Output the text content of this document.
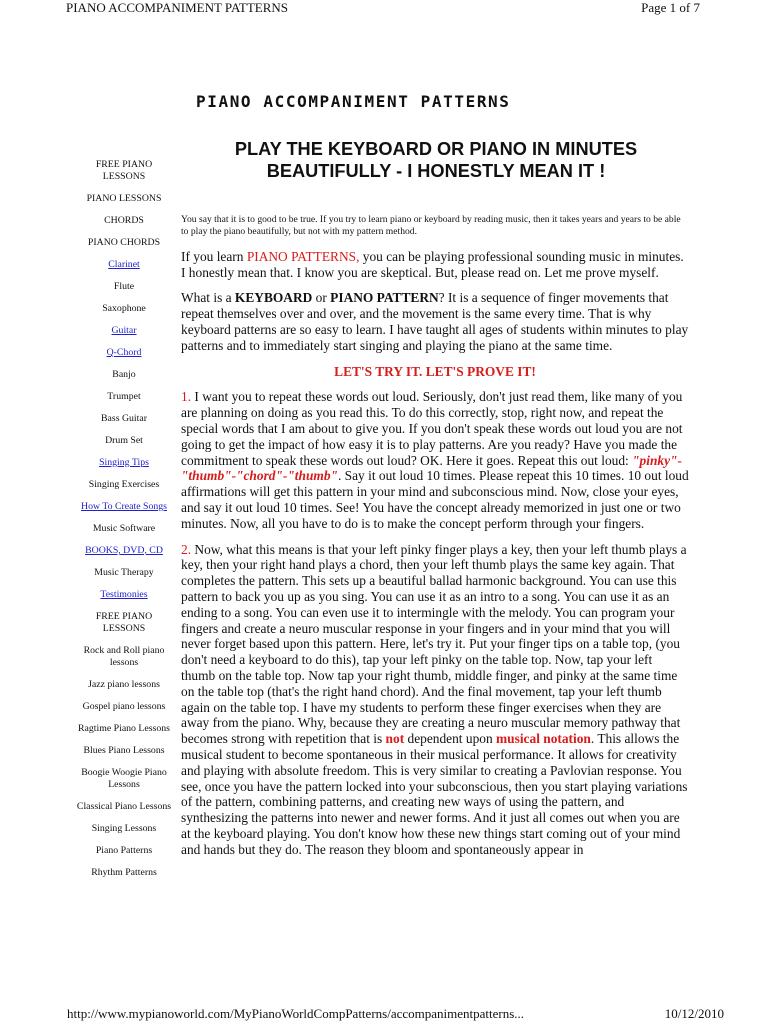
PIANO ACCOMPANIMENT PATTERNS	Page 1 of 7
PIANO ACCOMPANIMENT PATTERNS
PLAY THE KEYBOARD OR PIANO IN MINUTES
BEAUTIFULLY - I HONESTLY MEAN IT !
FREE PIANO LESSONS
PIANO LESSONS
CHORDS
PIANO CHORDS
Clarinet
Flute
Saxophone
Guitar
Q-Chord
Banjo
Trumpet
Bass Guitar
Drum Set
Singing Tips
Singing Exercises
How To Create Songs
Music Software
BOOKS, DVD, CD
Music Therapy
Testimonies
FREE PIANO LESSONS
Rock and Roll piano lessons
Jazz piano lessons
Gospel piano lessons
Ragtime Piano Lessons
Blues Piano Lessons
Boogie Woogie Piano Lessons
Classical Piano Lessons
Singing Lessons
Piano Patterns
Rhythm Patterns

You say that it is to good to be true. If you try to learn piano or keyboard by reading music, then it takes years and years to be able to play the piano beautifully, but not with my pattern method.

If you learn PIANO PATTERNS, you can be playing professional sounding music in minutes. I honestly mean that. I know you are skeptical. But, please read on. Let me prove myself.

What is a KEYBOARD or PIANO PATTERN? It is a sequence of finger movements that repeat themselves over and over, and the movement is the same every time. That is why keyboard patterns are so easy to learn. I have taught all ages of students within minutes to play patterns and to immediately start singing and playing the piano at the same time.

LET'S TRY IT. LET'S PROVE IT!

1. I want you to repeat these words out loud. Seriously, don't just read them, like many of you are planning on doing as you read this. To do this correctly, stop, right now, and repeat the special words that I am about to give you. If you don't speak these words out loud you are not going to get the impact of how easy it is to play patterns. Are you ready? Have you made the commitment to speak these words out loud? OK. Here it goes. Repeat this out loud: "pinky"-"thumb"-"chord"-"thumb". Say it out loud 10 times. Please repeat this 10 times. 10 out loud affirmations will get this pattern in your mind and subconscious mind. Now, close your eyes, and say it out loud 10 times. See! You have the concept already memorized in just one or two minutes. Now, all you have to do is to make the concept perform through your fingers.

2. Now, what this means is that your left pinky finger plays a key, then your left thumb plays a key, then your right hand plays a chord, then your left thumb plays the same key again. That completes the pattern. This sets up a beautiful ballad harmonic background. You can use this pattern to back you up as you sing. You can use it as an intro to a song. You can use it as an ending to a song. You can even use it to intermingle with the melody. You can program your fingers and create a neuro muscular response in your fingers and in your mind that you will never forget based upon this pattern. Here, let's try it. Put your finger tips on a table top, (you don't need a keyboard to do this), tap your left pinky on the table top. Now, tap your left thumb on the table top. Now tap your right thumb, middle finger, and pinky at the same time on the table top (that's the right hand chord). And the final movement, tap your left thumb again on the table top. I have my students to perform these finger exercises when they are away from the piano. Why, because they are creating a neuro muscular memory pathway that becomes strong with repetition that is not dependent upon musical notation. This allows the musical student to become spontaneous in their musical performance. It allows for creativity and playing with absolute freedom. This is very similar to creating a Pavlovian response. You see, once you have the pattern locked into your subconscious, then you start playing variations of the pattern, combining patterns, and creating new ways of using the pattern, and synthesizing the patterns into newer and newer forms. And it just all comes out when you are at the keyboard playing. You don't know how these new things start coming out of your mind and hands but they do. The reason they bloom and spontaneously appear in

http://www.mypianoworld.com/MyPianoWorldCompPatterns/accompanimentpatterns...	10/12/2010
